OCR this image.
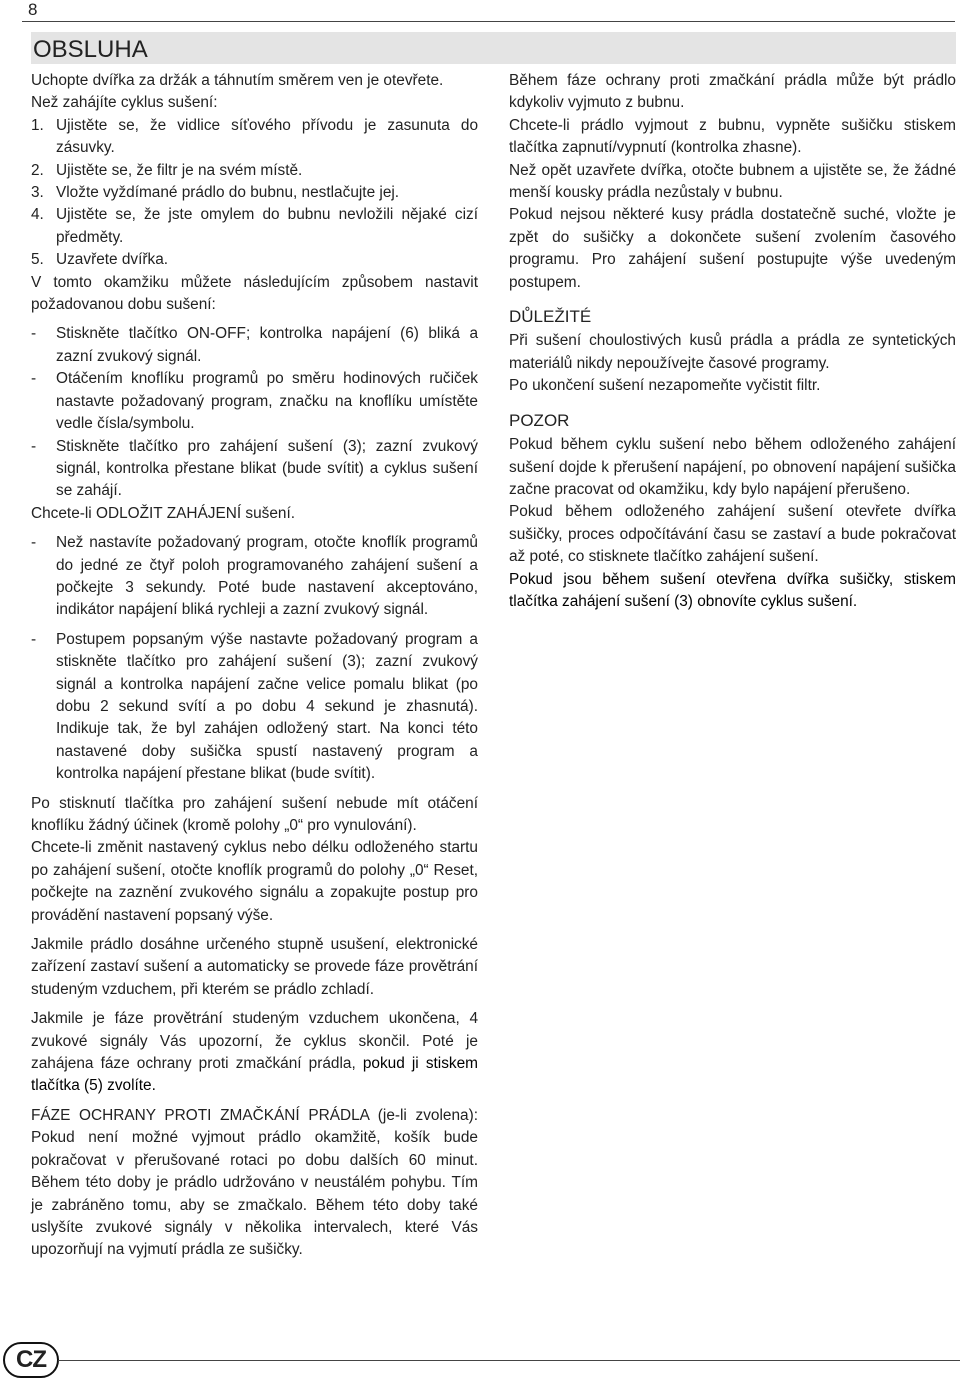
8
OBSLUHA

Uchopte dvířka za držák a táhnutím směrem ven je otevřete.

Než zahájíte cyklus sušení:

1. Ujistěte se, že vidlice síťového přívodu je zasunuta do zásuvky.
2. Ujistěte se, že filtr je na svém místě.
3. Vložte vyždímané prádlo do bubnu, nestlačujte jej.
4. Ujistěte se, že jste omylem do bubnu nevložili nějaké cizí předměty.
5. Uzavřete dvířka.

V tomto okamžiku můžete následujícím způsobem nastavit požadovanou dobu sušení:

-	Stiskněte tlačítko ON-OFF; kontrolka napájení (6) bliká a zazní zvukový signál.
-	Otáčením knoflíku programů po směru hodinových ručiček nastavte požadovaný program, značku na knoflíku umístěte vedle čísla/symbolu.
-	Stiskněte tlačítko pro zahájení sušení (3); zazní zvukový signál, kontrolka přestane blikat (bude svítit) a cyklus sušení se zahájí.

Chcete-li ODLOŽIT ZAHÁJENÍ sušení.

-	Než nastavíte požadovaný program, otočte knoflík programů do jedné ze čtyř poloh programovaného zahájení sušení a počkejte 3 sekundy. Poté bude nastavení akceptováno, indikátor napájení bliká rychleji a zazní zvukový signál.
-	Postupem popsaným výše nastavte požadovaný program a stiskněte tlačítko pro zahájení sušení (3); zazní zvukový signál a kontrolka napájení začne velice pomalu blikat (po dobu 2 sekund svítí a po dobu 4 sekund je zhasnutá). Indikuje tak, že byl zahájen odložený start. Na konci této nastavené doby sušička spustí nastavený program a kontrolka napájení přestane blikat (bude svítit).

Po stisknutí tlačítka pro zahájení sušení nebude mít otáčení knoflíku žádný účinek (kromě polohy „0“ pro vynulování).

Chcete-li změnit nastavený cyklus nebo délku odloženého startu po zahájení sušení, otočte knoflík programů do polohy „0“ Reset, počkejte na zaznění zvukového signálu a zopakujte postup pro provádění nastavení popsaný výše.

Jakmile prádlo dosáhne určeného stupně usušení, elektronické zařízení zastaví sušení a automaticky se provede fáze provětrání studeným vzduchem, při kterém se prádlo zchladí.

Jakmile je fáze provětrání studeným vzduchem ukončena, 4 zvukové signály Vás upozorní, že cyklus skončil. Poté je zahájena fáze ochrany proti zmačkání prádla, pokud ji stiskem tlačítka (5) zvolíte.

FÁZE OCHRANY PROTI ZMAČKÁNÍ PRÁDLA (je-li zvolena): Pokud není možné vyjmout prádlo okamžitě, košík bude pokračovat v přerušované rotaci po dobu dalších 60 minut. Během této doby je prádlo udržováno v neustálém pohybu. Tím je zabráněno tomu, aby se zmačkalo. Během této doby také uslyšíte zvukové signály v několika intervalech, které Vás upozorňují na vyjmutí prádla ze sušičky.

Během fáze ochrany proti zmačkání prádla může být prádlo kdykoliv vyjmuto z bubnu.

Chcete-li prádlo vyjmout z bubnu, vypněte sušičku stiskem tlačítka zapnutí/vypnutí (kontrolka zhasne).

Než opět uzavřete dvířka, otočte bubnem a ujistěte se, že žádné menší kousky prádla nezůstaly v bubnu.

Pokud nejsou některé kusy prádla dostatečně suché, vložte je zpět do sušičky a dokončete sušení zvolením časového programu. Pro zahájení sušení postupujte výše uvedeným postupem.

DŮLEŽITÉ

Při sušení choulostivých kusů prádla a prádla ze syntetických materiálů nikdy nepoužívejte časové programy.

Po ukončení sušení nezapomeňte vyčistit filtr.

POZOR

Pokud během cyklu sušení nebo během odloženého zahájení sušení dojde k přerušení napájení, po obnovení napájení sušička začne pracovat od okamžiku, kdy bylo napájení přerušeno.

Pokud během odloženého zahájení sušení otevřete dvířka sušičky, proces odpočítávání času se zastaví a bude pokračovat až poté, co stisknete tlačítko zahájení sušení.

Pokud jsou během sušení otevřena dvířka sušičky, stiskem tlačítka zahájení sušení (3) obnovíte cyklus sušení.

CZ
